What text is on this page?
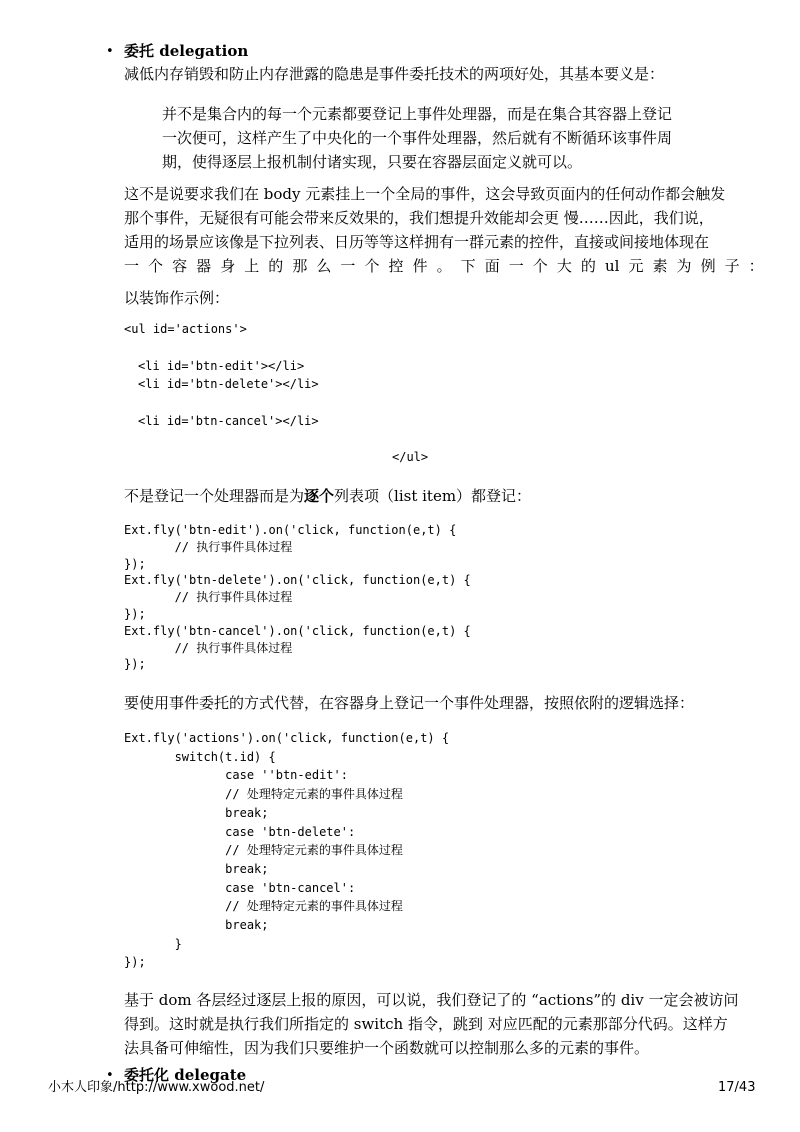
• 委托 delegation

减低内存销毁和防止内存泄露的隐患是事件委托技术的两项好处，其基本要义是：

并不是集合内的每一个元素都要登记上事件处理器，而是在集合其容器上登记
一次便可，这样产生了中央化的一个事件处理器，然后就有不断循环该事件周
期，使得逐层上报机制付诸实现，只要在容器层面定义就可以。
这不是说要求我们在 body 元素挂上一个全局的事件，这会导致页面内的任何动作都会触发
那个事件，无疑很有可能会带来反效果的，我们想提升效能却会更 慢……因此，我们说，
适用的场景应该像是下拉列表、日历等等这样拥有一群元素的控件，直接或间接地体现在
一 个 容 器 身 上 的 那 么 一 个 控 件 。 下 面 一 个 大 的 ul 元 素 为 例 子 ：

以装饰作示例：

<ul id='actions'>
<li id='btn-edit'></li>
<li id='btn-delete'></li>
<li id='btn-cancel'></li>
</ul>

不是登记一个处理器而是为逐个列表项（list item）都登记：

Ext.fly('btn-edit').on('click, function(e,t) {
// 执行事件具体过程
});
Ext.fly('btn-delete').on('click, function(e,t) {
// 执行事件具体过程
});
Ext.fly('btn-cancel').on('click, function(e,t) {
// 执行事件具体过程
});

要使用事件委托的方式代替，在容器身上登记一个事件处理器，按照依附的逻辑选择：

Ext.fly('actions').on('click, function(e,t) {
switch(t.id) {
case ''btn-edit':
// 处理特定元素的事件具体过程
break;
case 'btn-delete':
// 处理特定元素的事件具体过程
break;
case 'btn-cancel':
// 处理特定元素的事件具体过程
break;
}
});
基于 dom 各层经过逐层上报的原因，可以说，我们登记了的 “actions”的 div 一定会被访问
得到。这时就是执行我们所指定的 switch 指令，跳到 对应匹配的元素那部分代码。这样方
法具备可伸缩性，因为我们只要维护一个函数就可以控制那么多的元素的事件。
• 委托化 delegate
小木人印象/http://www.xwood.net/	17/43
